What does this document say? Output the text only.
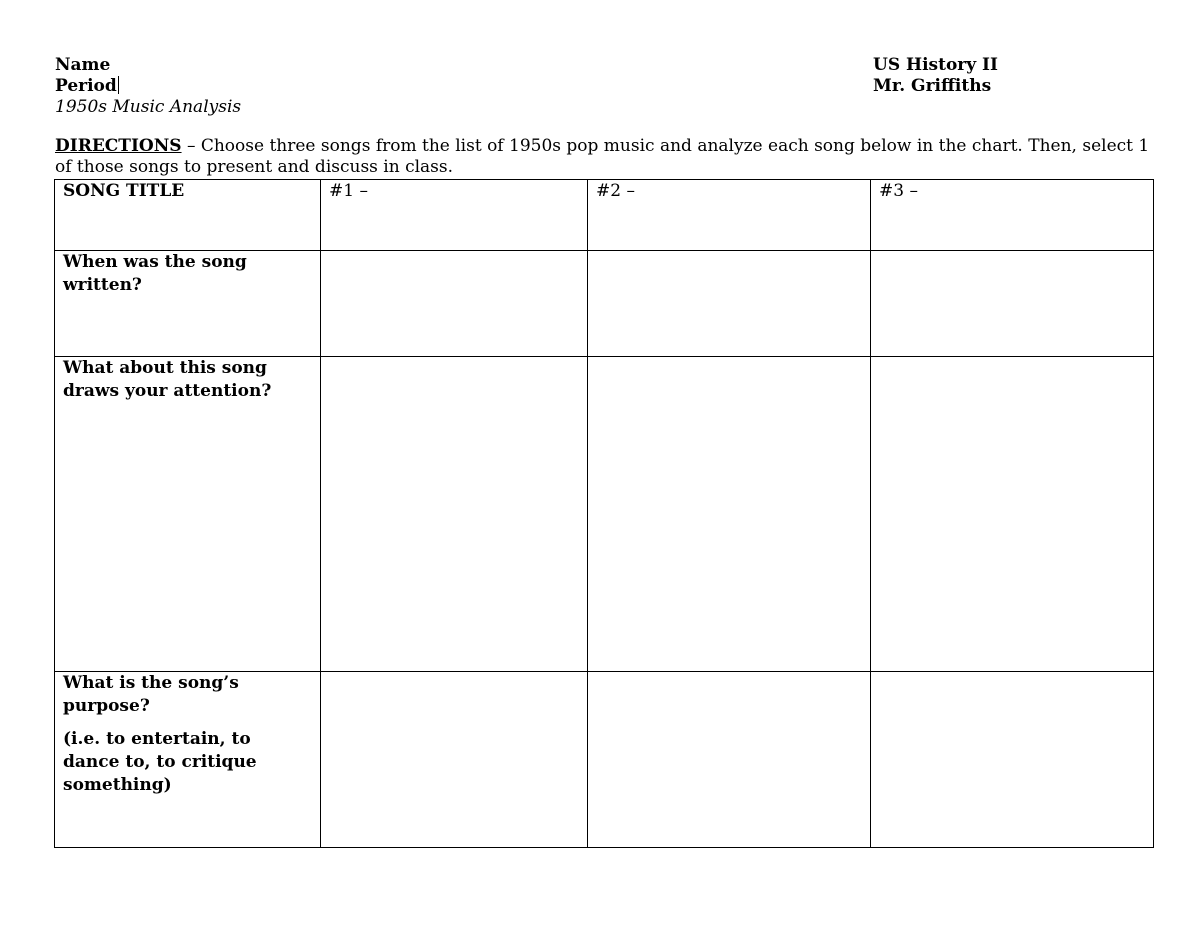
Name
Period
1950s Music Analysis
US History II
Mr. Griffiths
DIRECTIONS – Choose three songs from the list of 1950s pop music and analyze each song below in the chart. Then, select 1 of those songs to present and discuss in class.
SONG TITLE	#1 –	#2 –	#3 –

When was the song written?			

What about this song draws your attention?			

What is the song’s purpose?
(i.e. to entertain, to dance to, to critique something)			
